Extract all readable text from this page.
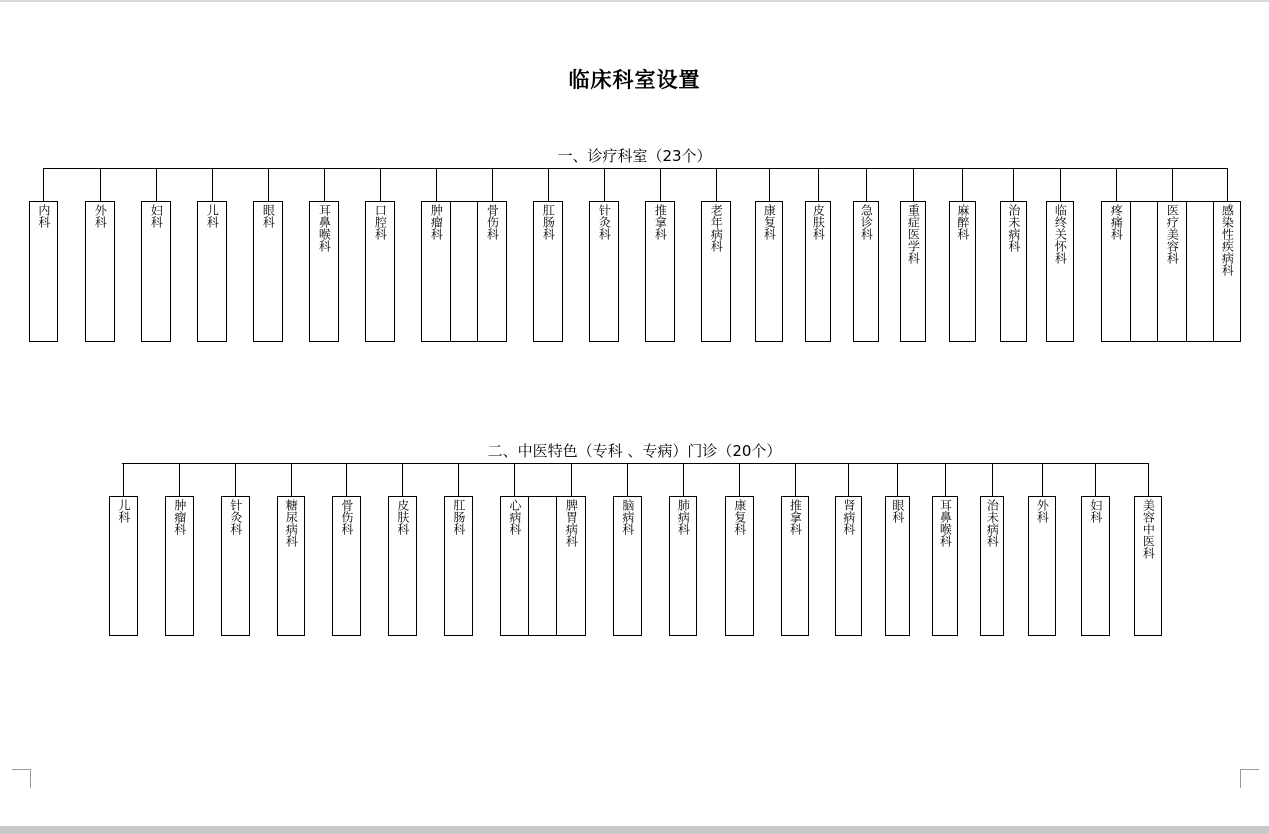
临床科室设置
一、诊疗科室（23个）
二、中医特色（专科 、专病）门诊（20个）
内科	外科	妇科	儿科	眼科	耳鼻喉科	口腔科	肿瘤科	骨伤科	肛肠科	针灸科	推拿科	老年病科	康复科	皮肤科	急诊科	重症医学科	麻醉科	治未病科	临终关怀科	疼痛科	医疗美容科	感染性疾病科
儿科	肿瘤科	针灸科	糖尿病科	骨伤科	皮肤科	肛肠科	心病科	脾胃病科	脑病科	肺病科	康复科	推拿科	肾病科	眼科	耳鼻喉科	治未病科	外科	妇科	美容中医科
